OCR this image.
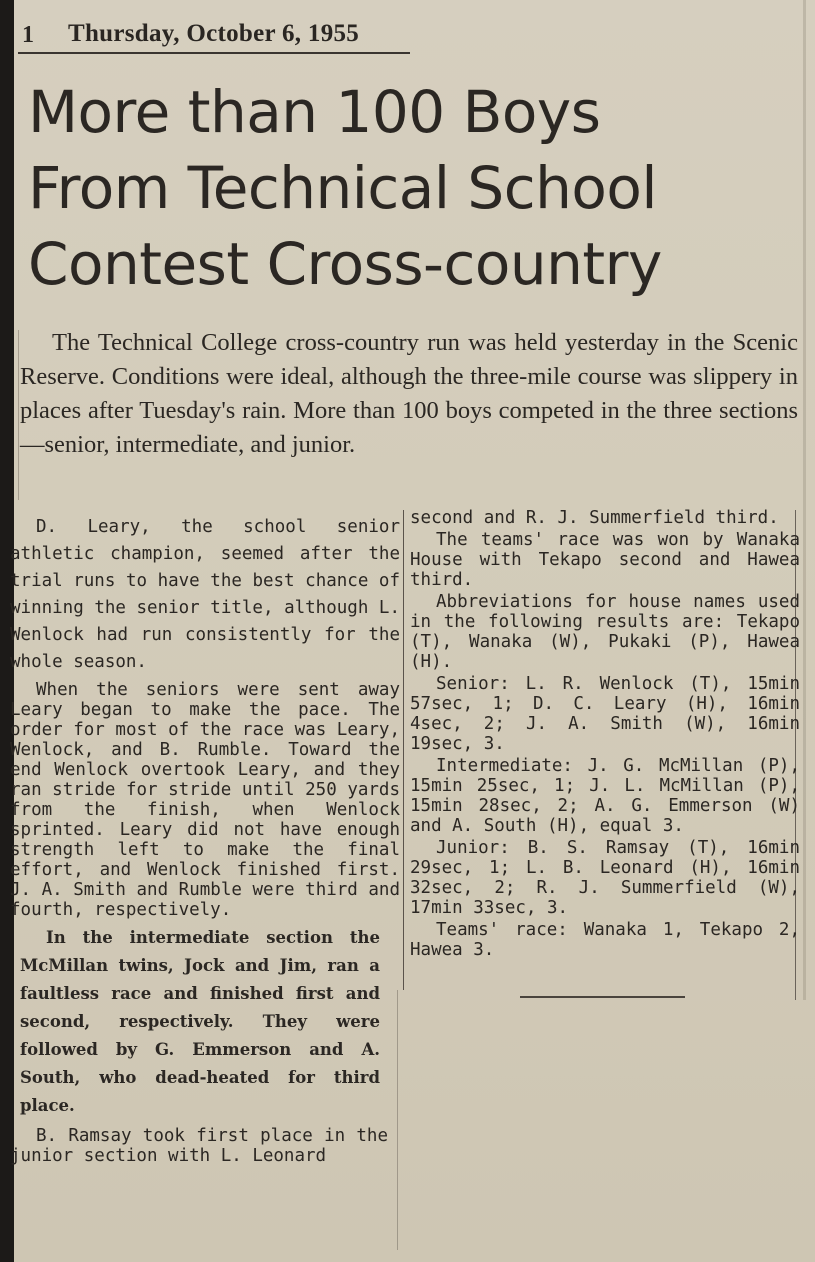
1 Thursday, October 6, 1955
More than 100 Boys
From Technical School
Contest Cross-country

The Technical College cross-country run was held yesterday in the Scenic Reserve. Conditions were ideal, although the three-mile course was slippery in places after Tuesday's rain. More than 100 boys competed in the three sections—senior, intermediate, and junior.

D. Leary, the school senior athletic champion, seemed after the trial runs to have the best chance of winning the senior title, although L. Wenlock had run consistently for the whole season.

When the seniors were sent away Leary began to make the pace. The order for most of the race was Leary, Wenlock, and B. Rumble. Toward the end Wenlock overtook Leary, and they ran stride for stride until 250 yards from the finish, when Wenlock sprinted. Leary did not have enough strength left to make the final effort, and Wenlock finished first. J. A. Smith and Rumble were third and fourth, respectively.

In the intermediate section the McMillan twins, Jock and Jim, ran a faultless race and finished first and second, respectively. They were followed by G. Emmerson and A. South, who dead-heated for third place.

B. Ramsay took first place in the junior section with L. Leonard

second and R. J. Summerfield third.

The teams' race was won by Wanaka House with Tekapo second and Hawea third.

Abbreviations for house names used in the following results are: Tekapo (T), Wanaka (W), Pukaki (P), Hawea (H).

Senior: L. R. Wenlock (T), 15min 57sec, 1; D. C. Leary (H), 16min 4sec, 2; J. A. Smith (W), 16min 19sec, 3.

Intermediate: J. G. McMillan (P), 15min 25sec, 1; J. L. McMillan (P), 15min 28sec, 2; A. G. Emmerson (W) and A. South (H), equal 3.

Junior: B. S. Ramsay (T), 16min 29sec, 1; L. B. Leonard (H), 16min 32sec, 2; R. J. Summerfield (W), 17min 33sec, 3.

Teams' race: Wanaka 1, Tekapo 2, Hawea 3.
